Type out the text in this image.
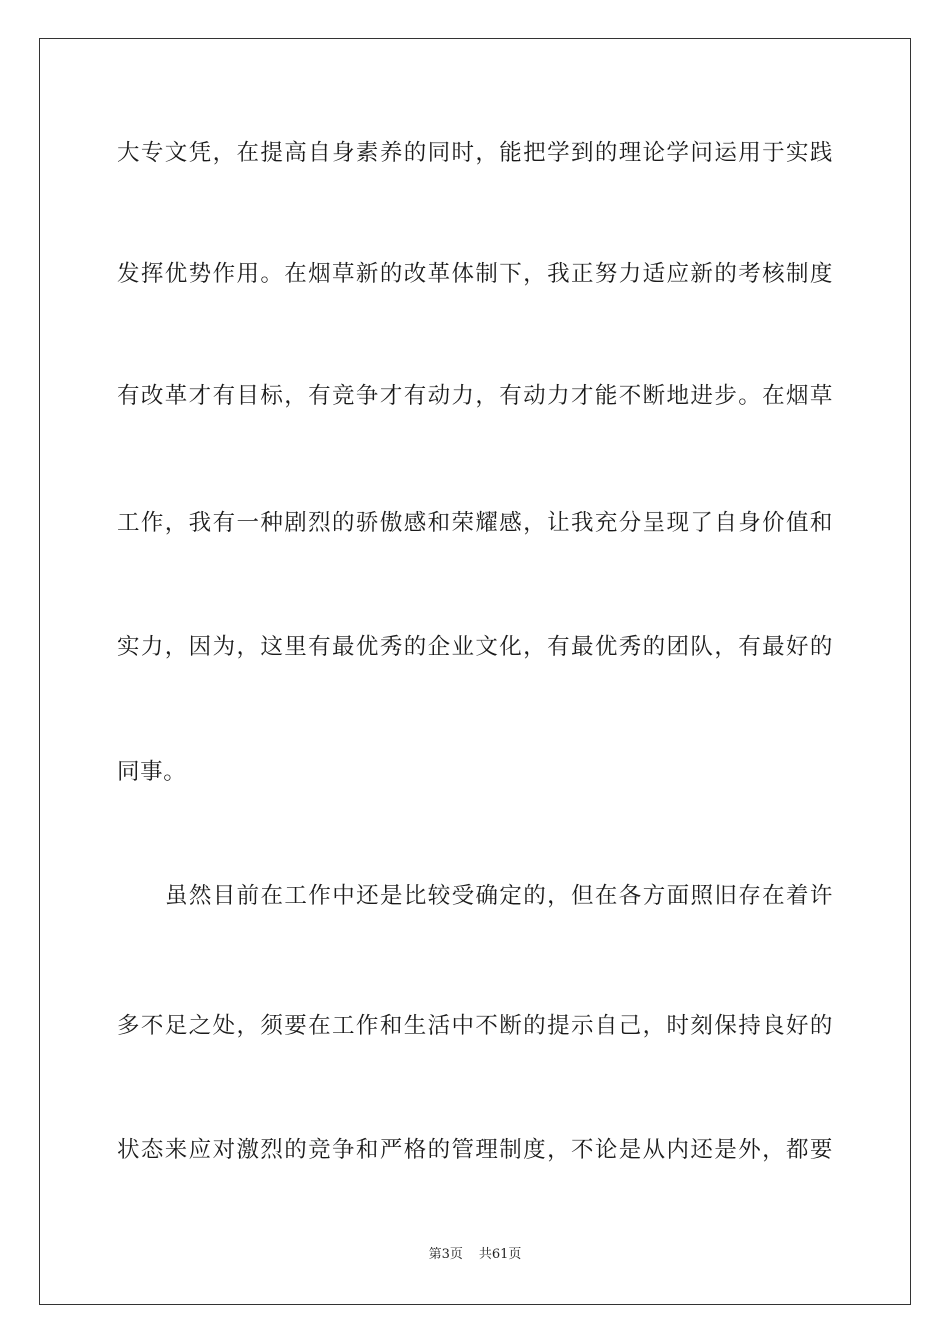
大专文凭，在提高自身素养的同时，能把学到的理论学问运用于实践
发挥优势作用。在烟草新的改革体制下，我正努力适应新的考核制度
有改革才有目标，有竞争才有动力，有动力才能不断地进步。在烟草
工作，我有一种剧烈的骄傲感和荣耀感，让我充分呈现了自身价值和
实力，因为，这里有最优秀的企业文化，有最优秀的团队，有最好的
同事。
虽然目前在工作中还是比较受确定的，但在各方面照旧存在着许
多不足之处，须要在工作和生活中不断的提示自己，时刻保持良好的
状态来应对激烈的竞争和严格的管理制度，不论是从内还是外，都要
第3页 共61页
